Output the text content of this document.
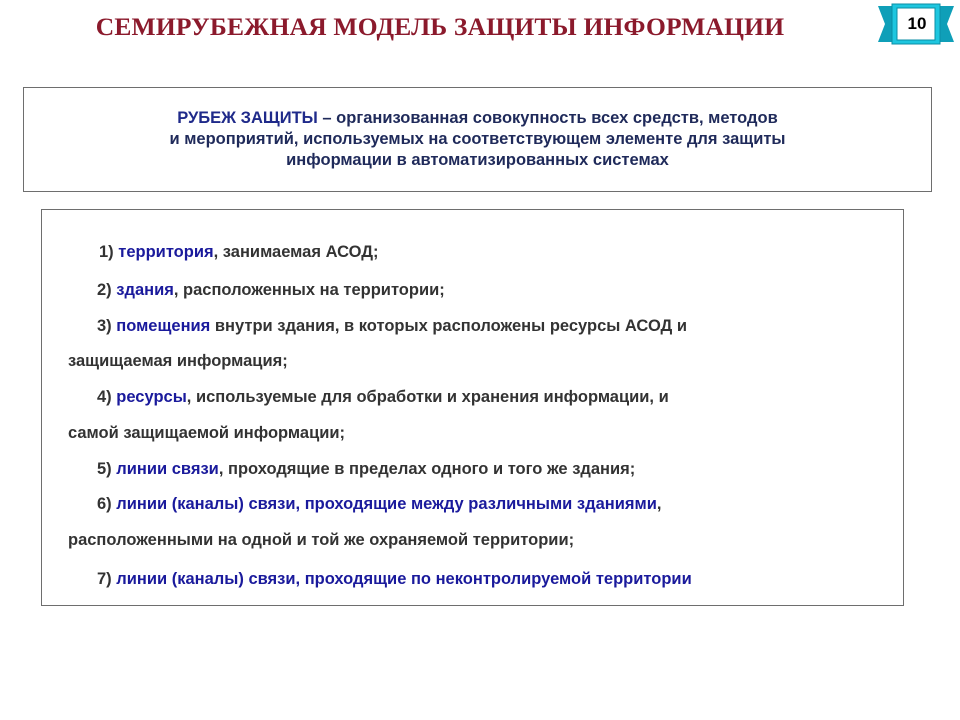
СЕМИРУБЕЖНАЯ МОДЕЛЬ ЗАЩИТЫ ИНФОРМАЦИИ	10
РУБЕЖ ЗАЩИТЫ – организованная совокупность всех средств, методов
и мероприятий, используемых на соответствующем элементе для защиты
информации в автоматизированных системах
1) территория, занимаемая АСОД;
2) здания, расположенных на территории;
3) помещения внутри здания, в которых расположены ресурсы АСОД и
защищаемая информация;
4) ресурсы, используемые для обработки и хранения информации, и
самой защищаемой информации;
5) линии связи, проходящие в пределах одного и того же здания;
6) линии (каналы) связи, проходящие между различными зданиями,
расположенными на одной и той же охраняемой территории;
7) линии (каналы) связи, проходящие по неконтролируемой территории
